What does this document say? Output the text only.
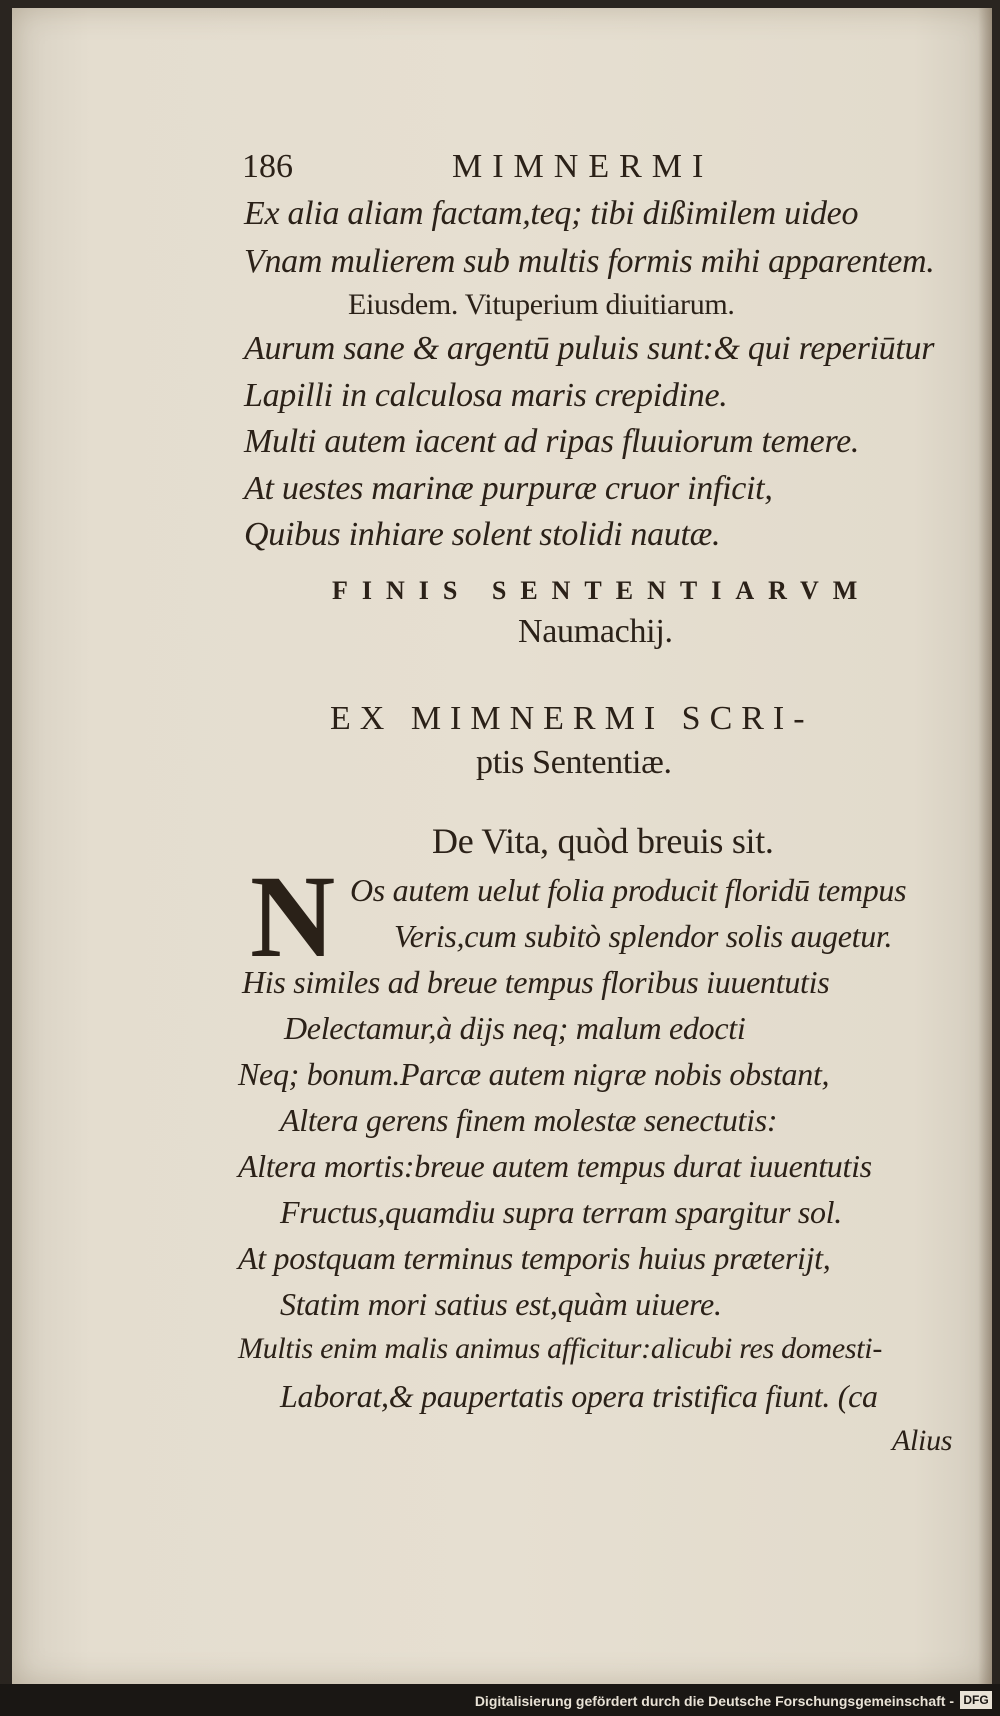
186	MIMNERMI
Ex alia aliam factam,teq; tibi dißimilem uideo
Vnam mulierem sub multis formis mihi apparentem.
Eiusdem. Vituperium diuitiarum.
Aurum sane & argentū puluis sunt:& qui reperiūtur
Lapilli in calculosa maris crepidine.
Multi autem iacent ad ripas fluuiorum temere.
At uestes marinæ purpuræ cruor inficit,
Quibus inhiare solent stolidi nautæ.
FINIS SENTENTIARVM
Naumachij.
EX MIMNERMI SCRI-
ptis Sententiæ.
De Vita, quòd breuis sit.
N Os autem uelut folia producit floridū tempus
Veris,cum subitò splendor solis augetur.
His similes ad breue tempus floribus iuuentutis
Delectamur,à dijs neq; malum edocti
Neq; bonum.Parcæ autem nigræ nobis obstant,
Altera gerens finem molestæ senectutis:
Altera mortis:breue autem tempus durat iuuentutis
Fructus,quamdiu supra terram spargitur sol.
At postquam terminus temporis huius præterijt,
Statim mori satius est,quàm uiuere.
Multis enim malis animus afficitur:alicubi res domesti-
Laborat,& paupertatis opera tristifica fiunt. (ca
Alius
Digitalisierung gefördert durch die Deutsche Forschungsgemeinschaft - DFG
